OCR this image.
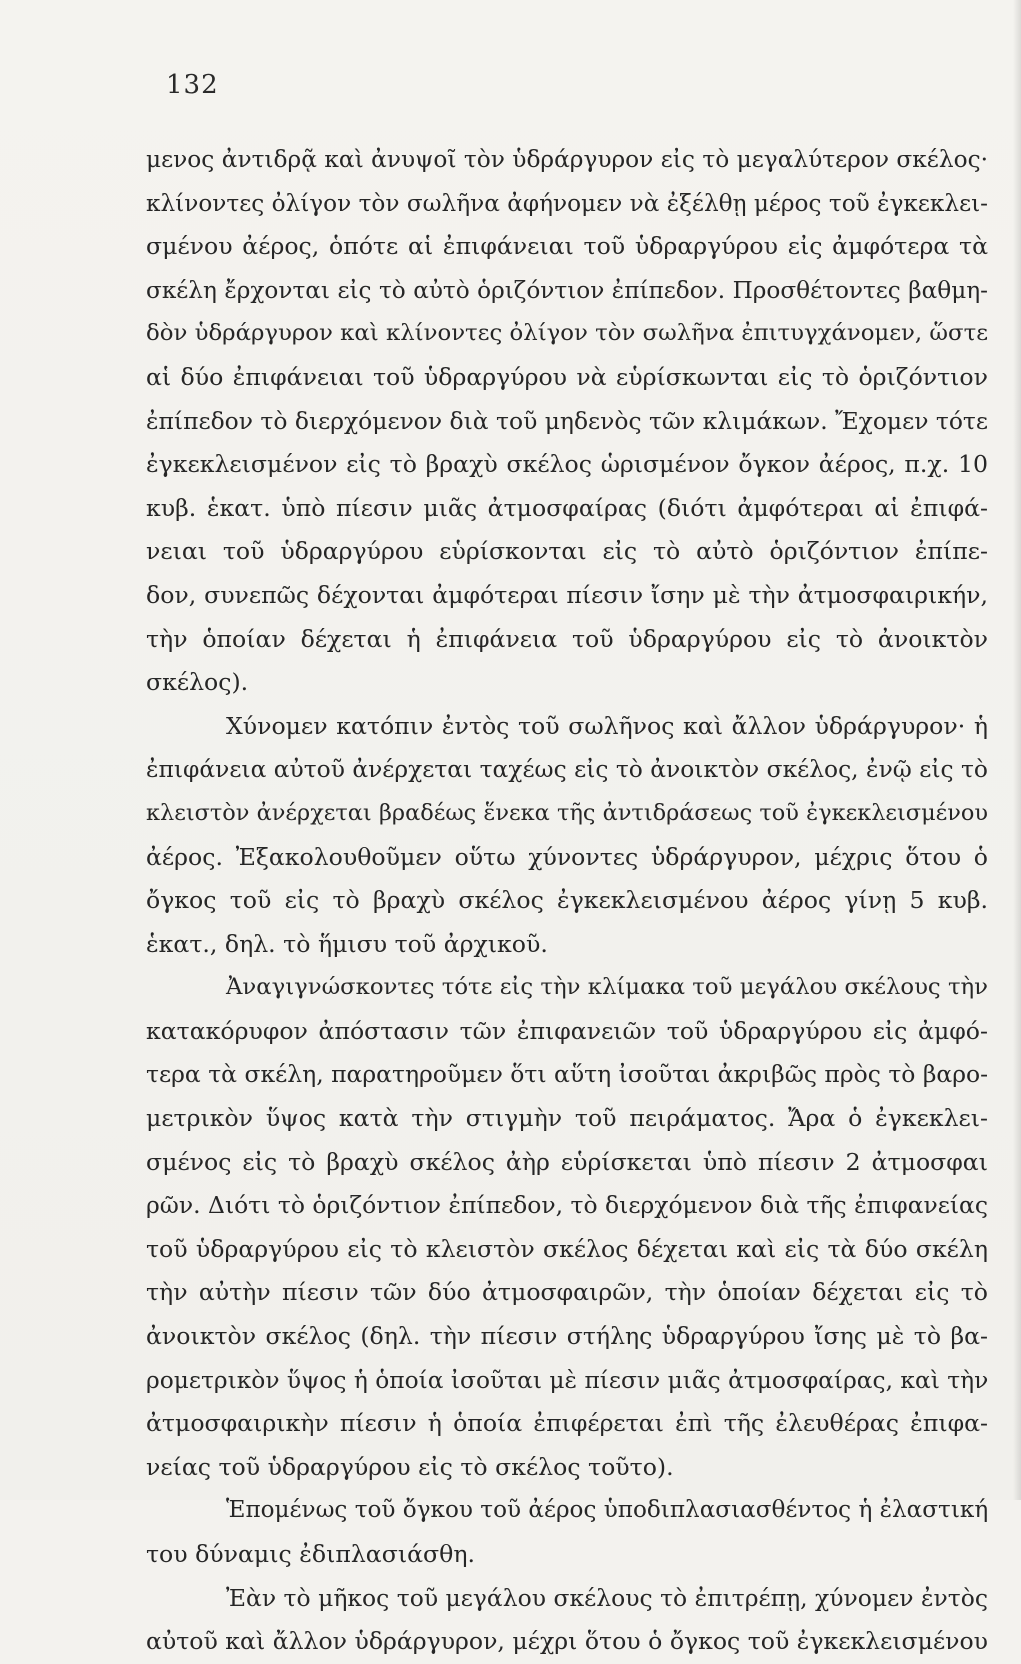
132
μενος ἀντιδρᾷ καὶ ἀνυψοῖ τὸν ὑδράργυρον εἰς τὸ μεγαλύτερον σκέλος·
κλίνοντες ὀλίγον τὸν σωλῆνα ἀφήνομεν νὰ ἐξέλθῃ μέρος τοῦ ἐγκεκλει-
σμένου ἀέρος, ὁπότε αἱ ἐπιφάνειαι τοῦ ὑδραργύρου εἰς ἀμφότερα τὰ
σκέλη ἔρχονται εἰς τὸ αὐτὸ ὁριζόντιον ἐπίπεδον. Προσθέτοντες βαθμη-
δὸν ὑδράργυρον καὶ κλίνοντες ὀλίγον τὸν σωλῆνα ἐπιτυγχάνομεν, ὥστε
αἱ δύο ἐπιφάνειαι τοῦ ὑδραργύρου νὰ εὑρίσκωνται εἰς τὸ ὁριζόντιον
ἐπίπεδον τὸ διερχόμενον διὰ τοῦ μηδενὸς τῶν κλιμάκων. Ἔχομεν τότε
ἐγκεκλεισμένον εἰς τὸ βραχὺ σκέλος ὡρισμένον ὄγκον ἀέρος, π.χ. 10
κυβ. ἑκατ. ὑπὸ πίεσιν μιᾶς ἀτμοσφαίρας (διότι ἀμφότεραι αἱ ἐπιφά-
νειαι τοῦ ὑδραργύρου εὑρίσκονται εἰς τὸ αὐτὸ ὁριζόντιον ἐπίπε-
δον, συνεπῶς δέχονται ἀμφότεραι πίεσιν ἴσην μὲ τὴν ἀτμοσφαιρικήν,
τὴν ὁποίαν δέχεται ἡ ἐπιφάνεια τοῦ ὑδραργύρου εἰς τὸ ἀνοικτὸν
σκέλος).
Χύνομεν κατόπιν ἐντὸς τοῦ σωλῆνος καὶ ἄλλον ὑδράργυρον· ἡ
ἐπιφάνεια αὐτοῦ ἀνέρχεται ταχέως εἰς τὸ ἀνοικτὸν σκέλος, ἐνῷ εἰς τὸ
κλειστὸν ἀνέρχεται βραδέως ἕνεκα τῆς ἀντιδράσεως τοῦ ἐγκεκλεισμένου
ἀέρος. Ἐξακολουθοῦμεν οὕτω χύνοντες ὑδράργυρον, μέχρις ὅτου ὁ
ὄγκος τοῦ εἰς τὸ βραχὺ σκέλος ἐγκεκλεισμένου ἀέρος γίνῃ 5 κυβ.
ἑκατ., δηλ. τὸ ἥμισυ τοῦ ἀρχικοῦ.
Ἀναγιγνώσκοντες τότε εἰς τὴν κλίμακα τοῦ μεγάλου σκέλους τὴν
κατακόρυφον ἀπόστασιν τῶν ἐπιφανειῶν τοῦ ὑδραργύρου εἰς ἀμφό-
τερα τὰ σκέλη, παρατηροῦμεν ὅτι αὕτη ἰσοῦται ἀκριβῶς πρὸς τὸ βαρο-
μετρικὸν ὕψος κατὰ τὴν στιγμὴν τοῦ πειράματος. Ἄρα ὁ ἐγκεκλει-
σμένος εἰς τὸ βραχὺ σκέλος ἀὴρ εὑρίσκεται ὑπὸ πίεσιν 2 ἀτμοσφαι
ρῶν. Διότι τὸ ὁριζόντιον ἐπίπεδον, τὸ διερχόμενον διὰ τῆς ἐπιφανείας
τοῦ ὑδραργύρου εἰς τὸ κλειστὸν σκέλος δέχεται καὶ εἰς τὰ δύο σκέλη
τὴν αὐτὴν πίεσιν τῶν δύο ἀτμοσφαιρῶν, τὴν ὁποίαν δέχεται εἰς τὸ
ἀνοικτὸν σκέλος (δηλ. τὴν πίεσιν στήλης ὑδραργύρου ἴσης μὲ τὸ βα-
ρομετρικὸν ὕψος ἡ ὁποία ἰσοῦται μὲ πίεσιν μιᾶς ἀτμοσφαίρας, καὶ τὴν
ἀτμοσφαιρικὴν πίεσιν ἡ ὁποία ἐπιφέρεται ἐπὶ τῆς ἐλευθέρας ἐπιφα-
νείας τοῦ ὑδραργύρου εἰς τὸ σκέλος τοῦτο).
Ἑπομένως τοῦ ὄγκου τοῦ ἀέρος ὑποδιπλασιασθέντος ἡ ἐλαστική
του δύναμις ἐδιπλασιάσθη.
Ἐὰν τὸ μῆκος τοῦ μεγάλου σκέλους τὸ ἐπιτρέπῃ, χύνομεν ἐντὸς
αὐτοῦ καὶ ἄλλον ὑδράργυρον, μέχρι ὅτου ὁ ὄγκος τοῦ ἐγκεκλεισμένου
